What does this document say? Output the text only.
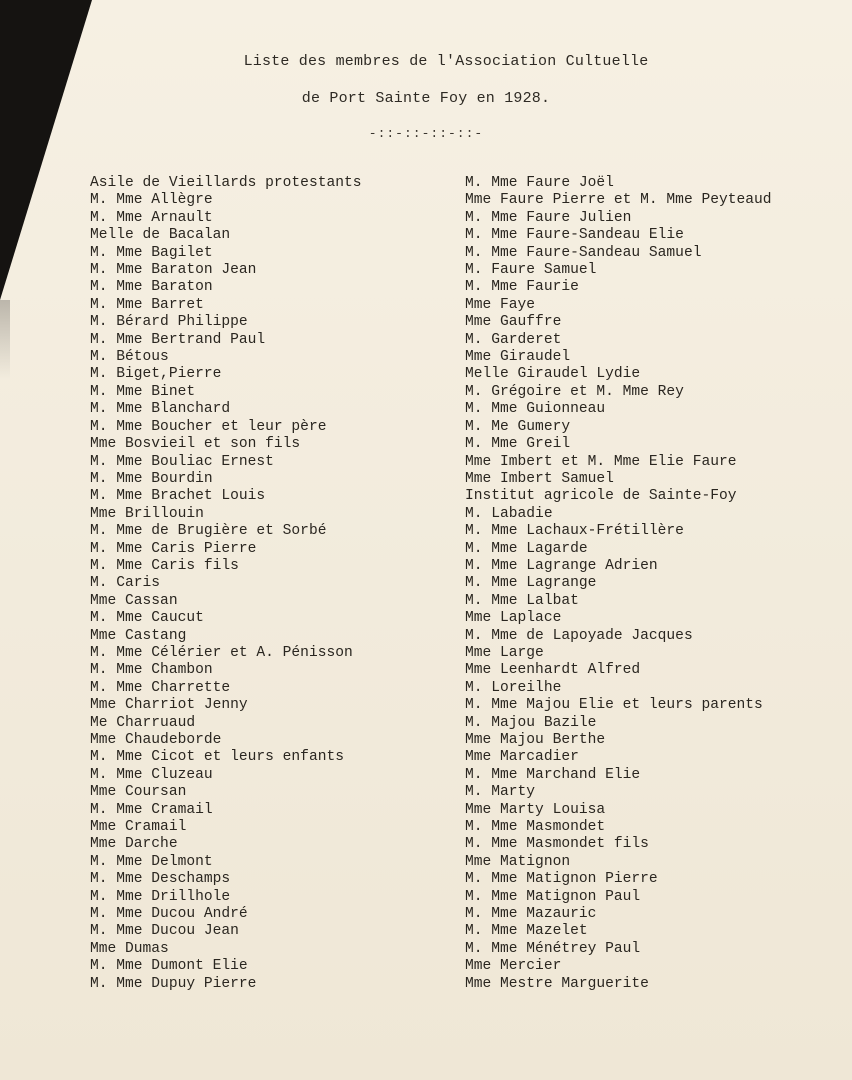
Liste des membres de l'Association Cultuelle

de Port Sainte Foy en 1928.

-::-::-::-::-
Asile de Vieillards protestants
M. Mme Allègre
M. Mme Arnault
Melle de Bacalan
M. Mme Bagilet
M. Mme Baraton Jean
M. Mme Baraton
M. Mme Barret
M. Bérard Philippe
M. Mme Bertrand Paul
M. Bétous
M. Biget,Pierre
M. Mme Binet
M. Mme Blanchard
M. Mme Boucher et leur père
Mme Bosvieil et son fils
M. Mme Bouliac Ernest
M. Mme Bourdin
M. Mme Brachet Louis
Mme Brillouin
M. Mme de Brugière et Sorbé
M. Mme Caris Pierre
M. Mme Caris fils
M. Caris
Mme Cassan
M. Mme Caucut
Mme Castang
M. Mme Célérier et A. Pénisson
M. Mme Chambon
M. Mme Charrette
Mme Charriot Jenny
Me Charruaud
Mme Chaudeborde
M. Mme Cicot et leurs enfants
M. Mme Cluzeau
Mme Coursan
M. Mme Cramail
Mme Cramail
Mme Darche
M. Mme Delmont
M. Mme Deschamps
M. Mme Drillhole
M. Mme Ducou André
M. Mme Ducou Jean
Mme Dumas
M. Mme Dumont Elie
M. Mme Dupuy Pierre
M. Mme Faure Joël
Mme Faure Pierre et M. Mme Peyteaud
M. Mme Faure Julien
M. Mme Faure-Sandeau Elie
M. Mme Faure-Sandeau Samuel
M. Faure Samuel
M. Mme Faurie
Mme Faye
Mme Gauffre
M. Garderet
Mme Giraudel
Melle Giraudel Lydie
M. Grégoire et M. Mme Rey
M. Mme Guionneau
M. Me Gumery
M. Mme Greil
Mme Imbert et M. Mme Elie Faure
Mme Imbert Samuel
Institut agricole de Sainte-Foy
M. Labadie
M. Mme Lachaux-Frétillère
M. Mme Lagarde
M. Mme Lagrange Adrien
M. Mme Lagrange
M. Mme Lalbat
Mme Laplace
M. Mme de Lapoyade Jacques
Mme Large
Mme Leenhardt Alfred
M. Loreilhe
M. Mme Majou Elie et leurs parents
M. Majou Bazile
Mme Majou Berthe
Mme Marcadier
M. Mme Marchand Elie
M. Marty
Mme Marty Louisa
M. Mme Masmondet
M. Mme Masmondet fils
Mme Matignon
M. Mme Matignon Pierre
M. Mme Matignon Paul
M. Mme Mazauric
M. Mme Mazelet
M. Mme Ménétrey Paul
Mme Mercier
Mme Mestre Marguerite
